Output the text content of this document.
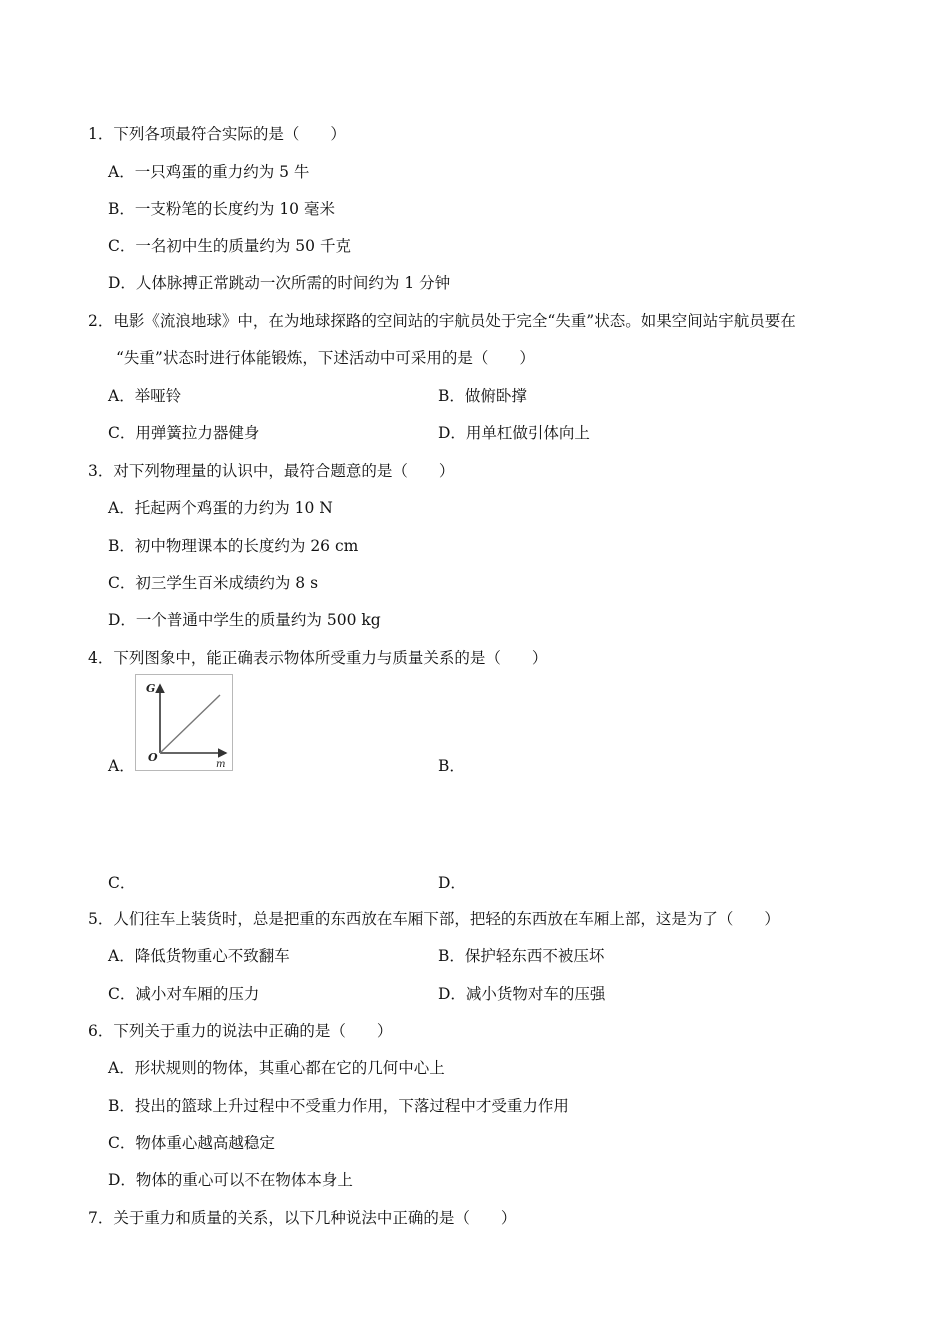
1．下列各项最符合实际的是（　　）
A．一只鸡蛋的重力约为 5 牛
B．一支粉笔的长度约为 10 毫米
C．一名初中生的质量约为 50 千克
D．人体脉搏正常跳动一次所需的时间约为 1 分钟
2．电影《流浪地球》中，在为地球探路的空间站的宇航员处于完全“失重”状态。如果空间站宇航员要在
“失重”状态时进行体能锻炼，下述活动中可采用的是（　　）
A．举哑铃	B．做俯卧撑
C．用弹簧拉力器健身	D．用单杠做引体向上
3．对下列物理量的认识中，最符合题意的是（　　）
A．托起两个鸡蛋的力约为 10 N
B．初中物理课本的长度约为 26 cm
C．初三学生百米成绩约为 8 s
D．一个普通中学生的质量约为 500 kg
4．下列图象中，能正确表示物体所受重力与质量关系的是（　　）
G
O
m
A．	B．
C．	D．
5．人们往车上装货时，总是把重的东西放在车厢下部，把轻的东西放在车厢上部，这是为了（　　）
A．降低货物重心不致翻车	B．保护轻东西不被压坏
C．减小对车厢的压力	D．减小货物对车的压强
6．下列关于重力的说法中正确的是（　　）
A．形状规则的物体，其重心都在它的几何中心上
B．投出的篮球上升过程中不受重力作用，下落过程中才受重力作用
C．物体重心越高越稳定
D．物体的重心可以不在物体本身上
7．关于重力和质量的关系，以下几种说法中正确的是（　　）
